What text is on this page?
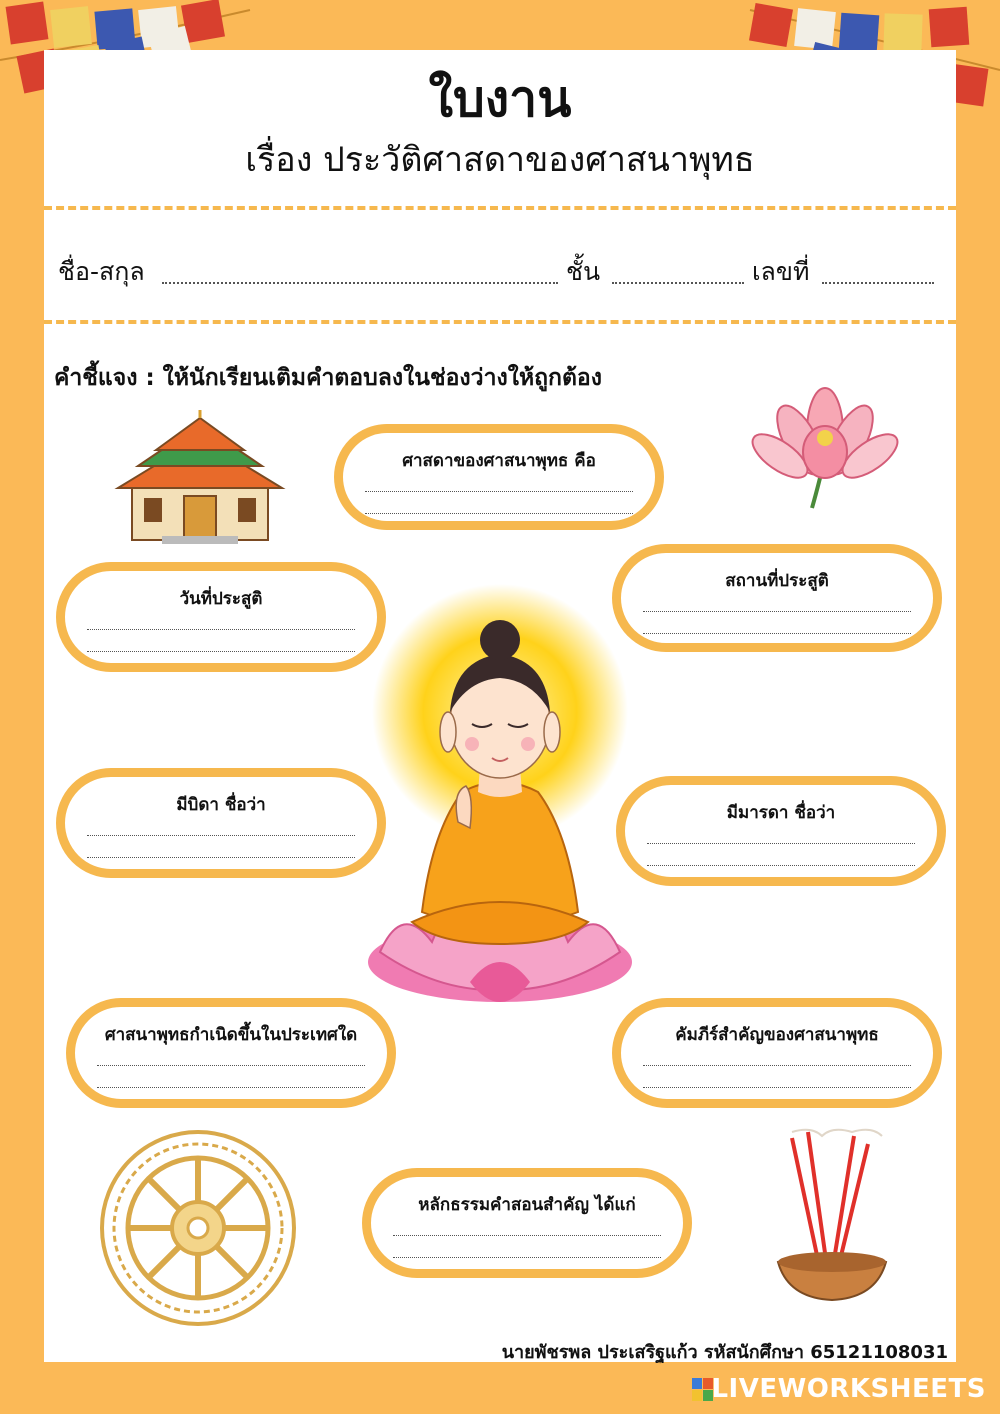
ใบงาน
เรื่อง ประวัติศาสดาของศาสนาพุทธ
ชื่อ-สกุล	ชั้น	เลขที่
คำชี้แจง : ให้นักเรียนเติมคำตอบลงในช่องว่างให้ถูกต้อง
ศาสดาของศาสนาพุทธ คือ
วันที่ประสูติ
สถานที่ประสูติ
มีบิดา ชื่อว่า	มีมารดา ชื่อว่า
ศาสนาพุทธกำเนิดขึ้นในประเทศใด	คัมภีร์สำคัญของศาสนาพุทธ
หลักธรรมคำสอนสำคัญ ได้แก่
นายพัชรพล ประเสริฐแก้ว รหัสนักศึกษา 65121108031
LIVEWORKSHEETS
